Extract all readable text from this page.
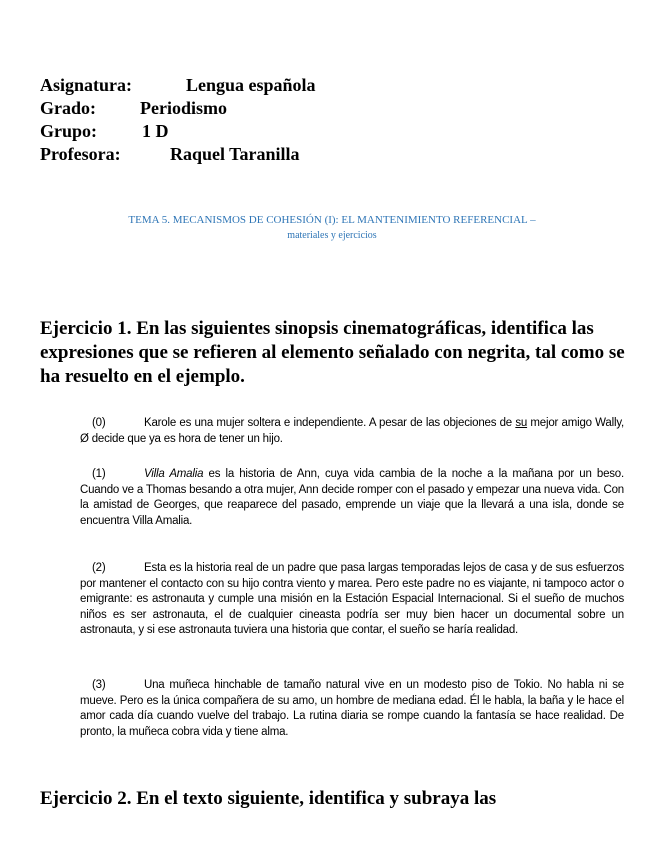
Asignatura:	Lengua española
Grado:	Periodismo
Grupo:	1 D
Profesora:	Raquel Taranilla
TEMA 5. MECANISMOS DE COHESIÓN (I): EL MANTENIMIENTO REFERENCIAL –
materiales y ejercicios
Ejercicio 1. En las siguientes sinopsis cinematográficas, identifica las expresiones que se refieren al elemento señalado con negrita, tal como se ha resuelto en el ejemplo.
(0)	Karole es una mujer soltera e independiente. A pesar de las objeciones de su mejor amigo Wally, Ø decide que ya es hora de tener un hijo.
(1)	Villa Amalia es la historia de Ann, cuya vida cambia de la noche a la mañana por un beso. Cuando ve a Thomas besando a otra mujer, Ann decide romper con el pasado y empezar una nueva vida. Con la amistad de Georges, que reaparece del pasado, emprende un viaje que la llevará a una isla, donde se encuentra Villa Amalia.
(2)	Esta es la historia real de un padre que pasa largas temporadas lejos de casa y de sus esfuerzos por mantener el contacto con su hijo contra viento y marea. Pero este padre no es viajante, ni tampoco actor o emigrante: es astronauta y cumple una misión en la Estación Espacial Internacional. Si el sueño de muchos niños es ser astronauta, el de cualquier cineasta podría ser muy bien hacer un documental sobre un astronauta, y si ese astronauta tuviera una historia que contar, el sueño se haría realidad.
(3)	Una muñeca hinchable de tamaño natural vive en un modesto piso de Tokio. No habla ni se mueve. Pero es la única compañera de su amo, un hombre de mediana edad. Él le habla, la baña y le hace el amor cada día cuando vuelve del trabajo. La rutina diaria se rompe cuando la fantasía se hace realidad. De pronto, la muñeca cobra vida y tiene alma.
Ejercicio 2. En el texto siguiente, identifica y subraya las
